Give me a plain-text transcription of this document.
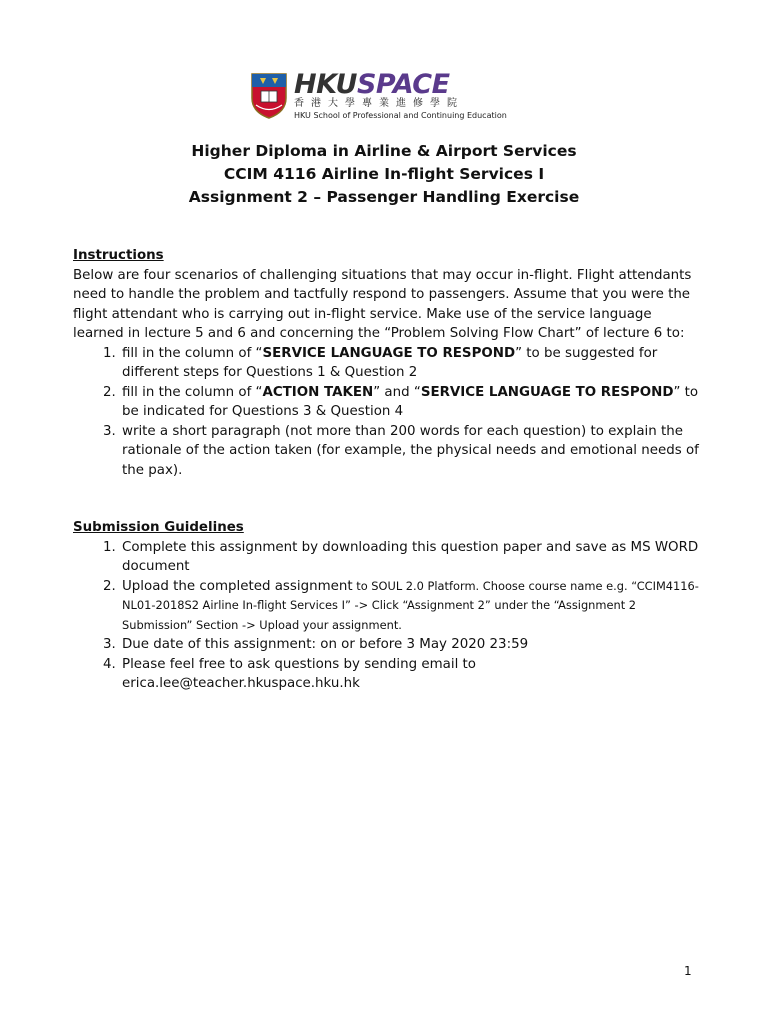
HKUSPACE
香港大學專業進修學院
HKU School of Professional and Continuing Education
Higher Diploma in Airline & Airport Services
CCIM 4116 Airline In-flight Services I
Assignment 2 – Passenger Handling Exercise
Instructions
Below are four scenarios of challenging situations that may occur in-flight. Flight attendants need to handle the problem and tactfully respond to passengers. Assume that you were the flight attendant who is carrying out in-flight service. Make use of the service language learned in lecture 5 and 6 and concerning the “Problem Solving Flow Chart” of lecture 6 to:
1. fill in the column of “SERVICE LANGUAGE TO RESPOND” to be suggested for different steps for Questions 1 & Question 2
2. fill in the column of “ACTION TAKEN” and “SERVICE LANGUAGE TO RESPOND” to be indicated for Questions 3 & Question 4
3. write a short paragraph (not more than 200 words for each question) to explain the rationale of the action taken (for example, the physical needs and emotional needs of the pax).
Submission Guidelines
1. Complete this assignment by downloading this question paper and save as MS WORD document
2. Upload the completed assignment to SOUL 2.0 Platform. Choose course name e.g. “CCIM4116-NL01-2018S2 Airline In-flight Services I” -> Click “Assignment 2” under the “Assignment 2 Submission” Section -> Upload your assignment.
3. Due date of this assignment: on or before 3 May 2020 23:59
4. Please feel free to ask questions by sending email to erica.lee@teacher.hkuspace.hku.hk
1
